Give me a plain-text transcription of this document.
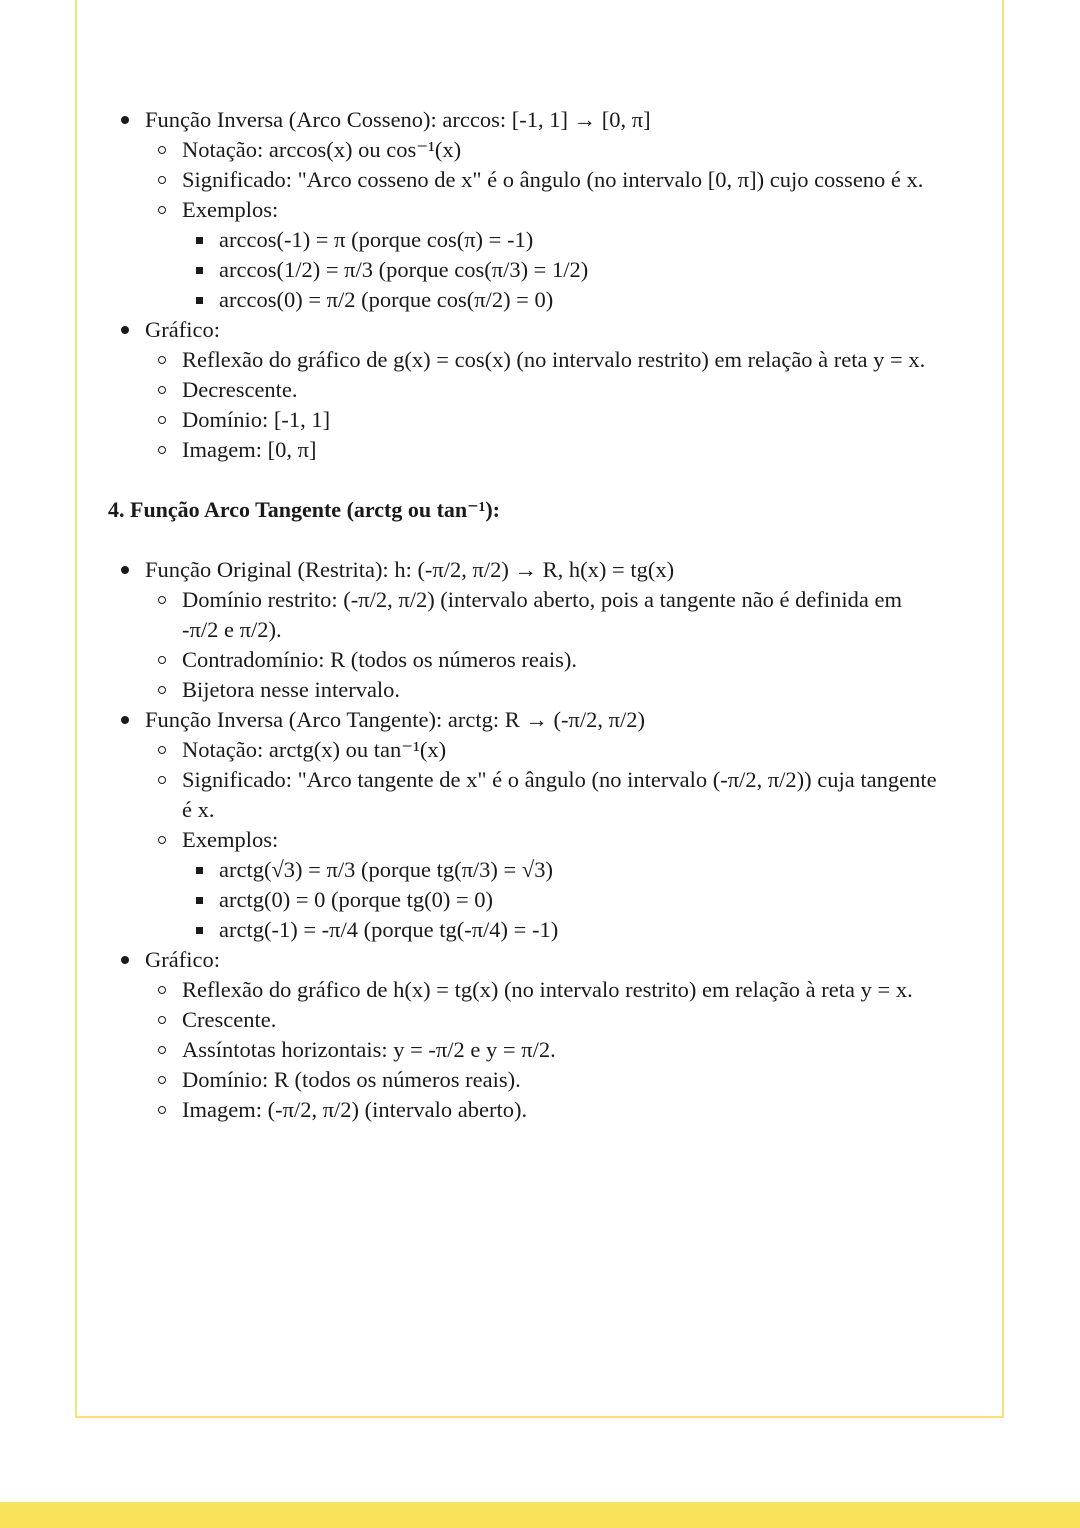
Função Inversa (Arco Cosseno): arccos: [-1, 1] → [0, π]
Notação: arccos(x) ou cos⁻¹(x)
Significado: "Arco cosseno de x" é o ângulo (no intervalo [0, π]) cujo cosseno é x.
Exemplos:
arccos(-1) = π (porque cos(π) = -1)
arccos(1/2) = π/3 (porque cos(π/3) = 1/2)
arccos(0) = π/2 (porque cos(π/2) = 0)
Gráfico:
Reflexão do gráfico de g(x) = cos(x) (no intervalo restrito) em relação à reta y = x.
Decrescente.
Domínio: [-1, 1]
Imagem: [0, π]
4. Função Arco Tangente (arctg ou tan⁻¹):
Função Original (Restrita): h: (-π/2, π/2) → R, h(x) = tg(x)
Domínio restrito: (-π/2, π/2) (intervalo aberto, pois a tangente não é definida em
-π/2 e π/2).
Contradomínio: R (todos os números reais).
Bijetora nesse intervalo.
Função Inversa (Arco Tangente): arctg: R → (-π/2, π/2)
Notação: arctg(x) ou tan⁻¹(x)
Significado: "Arco tangente de x" é o ângulo (no intervalo (-π/2, π/2)) cuja tangente
é x.
Exemplos:
arctg(√3) = π/3 (porque tg(π/3) = √3)
arctg(0) = 0 (porque tg(0) = 0)
arctg(-1) = -π/4 (porque tg(-π/4) = -1)
Gráfico:
Reflexão do gráfico de h(x) = tg(x) (no intervalo restrito) em relação à reta y = x.
Crescente.
Assíntotas horizontais: y = -π/2 e y = π/2.
Domínio: R (todos os números reais).
Imagem: (-π/2, π/2) (intervalo aberto).
